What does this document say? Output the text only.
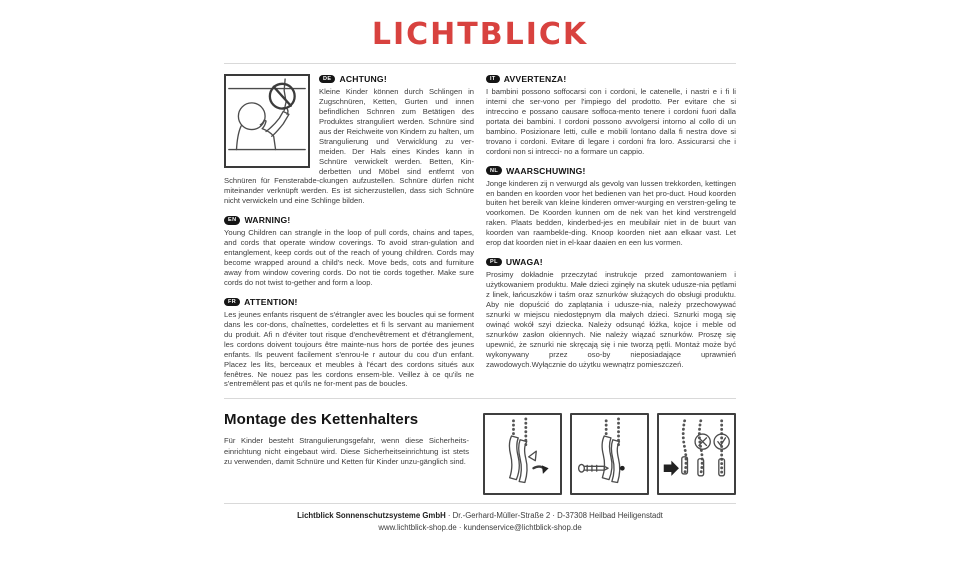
LICHTBLICK
DE ACHTUNG!

Kleine Kinder können durch Schlingen in Zugschnüren, Ketten, Gurten und innen befindlichen Schnren zum Betätigen des Produktes stranguliert werden. Schnüre sind aus der Reichweite von Kindern zu halten, um Strangulierung und Verwicklung zu ver-meiden. Der Hals eines Kindes kann in Schnüre verwickelt werden. Betten, Kin-derbetten und Möbel sind entfernt von Schnüren für Fensterabde-ckungen aufzustellen. Schnüre dürfen nicht miteinander verknüpft werden. Es ist sicherzustellen, dass sich Schnüre nicht verwickeln und eine Schlinge bilden.

EN WARNING!

Young Children can strangle in the loop of pull cords, chains and tapes, and cords that operate window coverings. To avoid stran-gulation and entanglement, keep cords out of the reach of young children. Cords may become wrapped around a child's neck. Move beds, cots and furniture away from window covering cords. Do not tie cords together. Make sure cords do not twist to-gether and form a loop.

FR ATTENTION!

Les jeunes enfants risquent de s'étrangler avec les boucles qui se forment dans les cor-dons, chaînettes, cordelettes et fi ls servant au maniement du produit. Afi n d'éviter tout risque d'enchevêtrement et d'étranglement, les cordons doivent toujours être mainte-nus hors de portée des jeunes enfants. Ils peuvent facilement s'enrou-le r autour du cou d'un enfant. Placez les lits, berceaux et meubles à l'écart des cordons situés aux fenêtres. Ne nouez pas les cordons ensem-ble. Veillez à ce qu'ils ne s'entremêlent pas et qu'ils ne for-ment pas de boucles.

IT AVVERTENZA!

I bambini possono soffocarsi con i cordoni, le catenelle, i nastri e i fi li interni che ser-vono per l'impiego del prodotto. Per evitare che si intreccino e possano causare soffoca-mento tenere i cordoni fuori dalla portata dei bambini. I cordoni possono avvolgersi intorno al collo di un bambino. Posizionare letti, culle e mobili lontano dalla fi nestra dove si trovano i cordoni. Evitare di legare i cordoni fra loro. Assicurarsi che i cordoni non si intrecci- no a formare un cappio.

NL WAARSCHUWING!

Jonge kinderen zij n verwurgd als gevolg van lussen trekkorden, kettingen en banden en koorden voor het bedienen van het pro-duct. Houd koorden buiten het bereik van kleine kinderen omver-wurging en verstren-geling te voorkomen. De Koorden kunnen om de nek van het kind verstrengeld raken. Plaats bedden, kinderbed-jes en meubilair niet in de buurt van koorden van raambekle-ding. Knoop koorden niet aan elkaar vast. Let erop dat koorden niet in el-kaar daaien en een lus vormen.

PL UWAGA!

Prosimy dokładnie przeczytać instrukcje przed zamontowaniem i użytkowaniem produktu. Małe dzieci zginęły na skutek udusze-nia pętlami z linek, łańcuszków i taśm oraz sznurków służących do obsługi produktu. Aby nie dopuścić do zaplątania i udusze-nia, należy przechowywać sznurki w miejscu niedostępnym dla małych dzieci. Sznurki mogą się owinąć wokół szyi dziecka. Należy odsunąć łóżka, kojce i meble od sznurków zasłon okiennych. Nie należy wiązać sznurków. Proszę się upewnić, że sznurki nie skręcają się i nie tworzą pętli. Montaż może być wykonywany przez oso-by nieposiadające uprawnień zawodowych.Wyłącznie do użytku wewnątrz pomieszczeń.

Montage des Kettenhalters

Für Kinder besteht Strangulierungsgefahr, wenn diese Sicherheits-einrichtung nicht eingebaut wird. Diese Sicherheitseinrichtung ist stets zu verwenden, damit Schnüre und Ketten für Kinder unzu-gänglich sind.

Lichtblick Sonnenschutzsysteme GmbH · Dr.-Gerhard-Müller-Straße 2 · D-37308 Heilbad Heiligenstadt
www.lichtblick-shop.de · kundenservice@lichtblick-shop.de
